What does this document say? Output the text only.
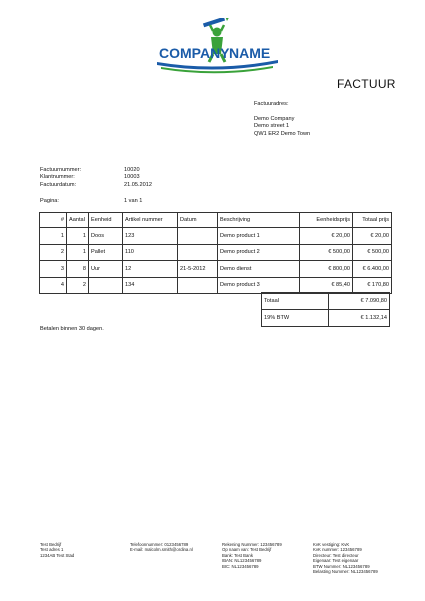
COMPANY NAME
FACTUUR
Factuuradres:
Demo Company
Demo street 1
QW1 ER2 Demo Town
Factuurnummer:	10020
Klantnummer:	10003
Factuurdatum:	21.05.2012
Pagina:	1 van 1
#	Aantal	Eenheid	Artikel nummer	Datum	Beschrijving	Eenheidsprijs	Totaal prijs
1	1	Doos	123		Demo product 1	€ 20,00	€ 20,00
2	1	Pallet	110		Demo product 2	€ 500,00	€ 500,00
3	8	Uur	12	21-5-2012	Demo dienst	€ 800,00	€ 6.400,00
4	2		134		Demo product 3	€ 85,40	€ 170,80
Totaal	€ 7.090,80
19% BTW	€ 1.132,14
Betalen binnen 30 dagen.
Test Bedrijf
Test adres 1
1234AB Test Stad
Telefoonnummer: 0123456789
E-mail: malcolm.smith@ordina.nl
Rekening Nummer: 123456789
Op naam van: Test Bedrijf
Bank: Test Bank
IBAN: NL123456789
BIC: NL123456789
KvK vestiging: KvK
KvK nummer: 123456789
Directeur: Test directeur
Eigenaar: Test eigenaar
BTW Nummer: NL123456789
Belasting Nummer: NL123456789
